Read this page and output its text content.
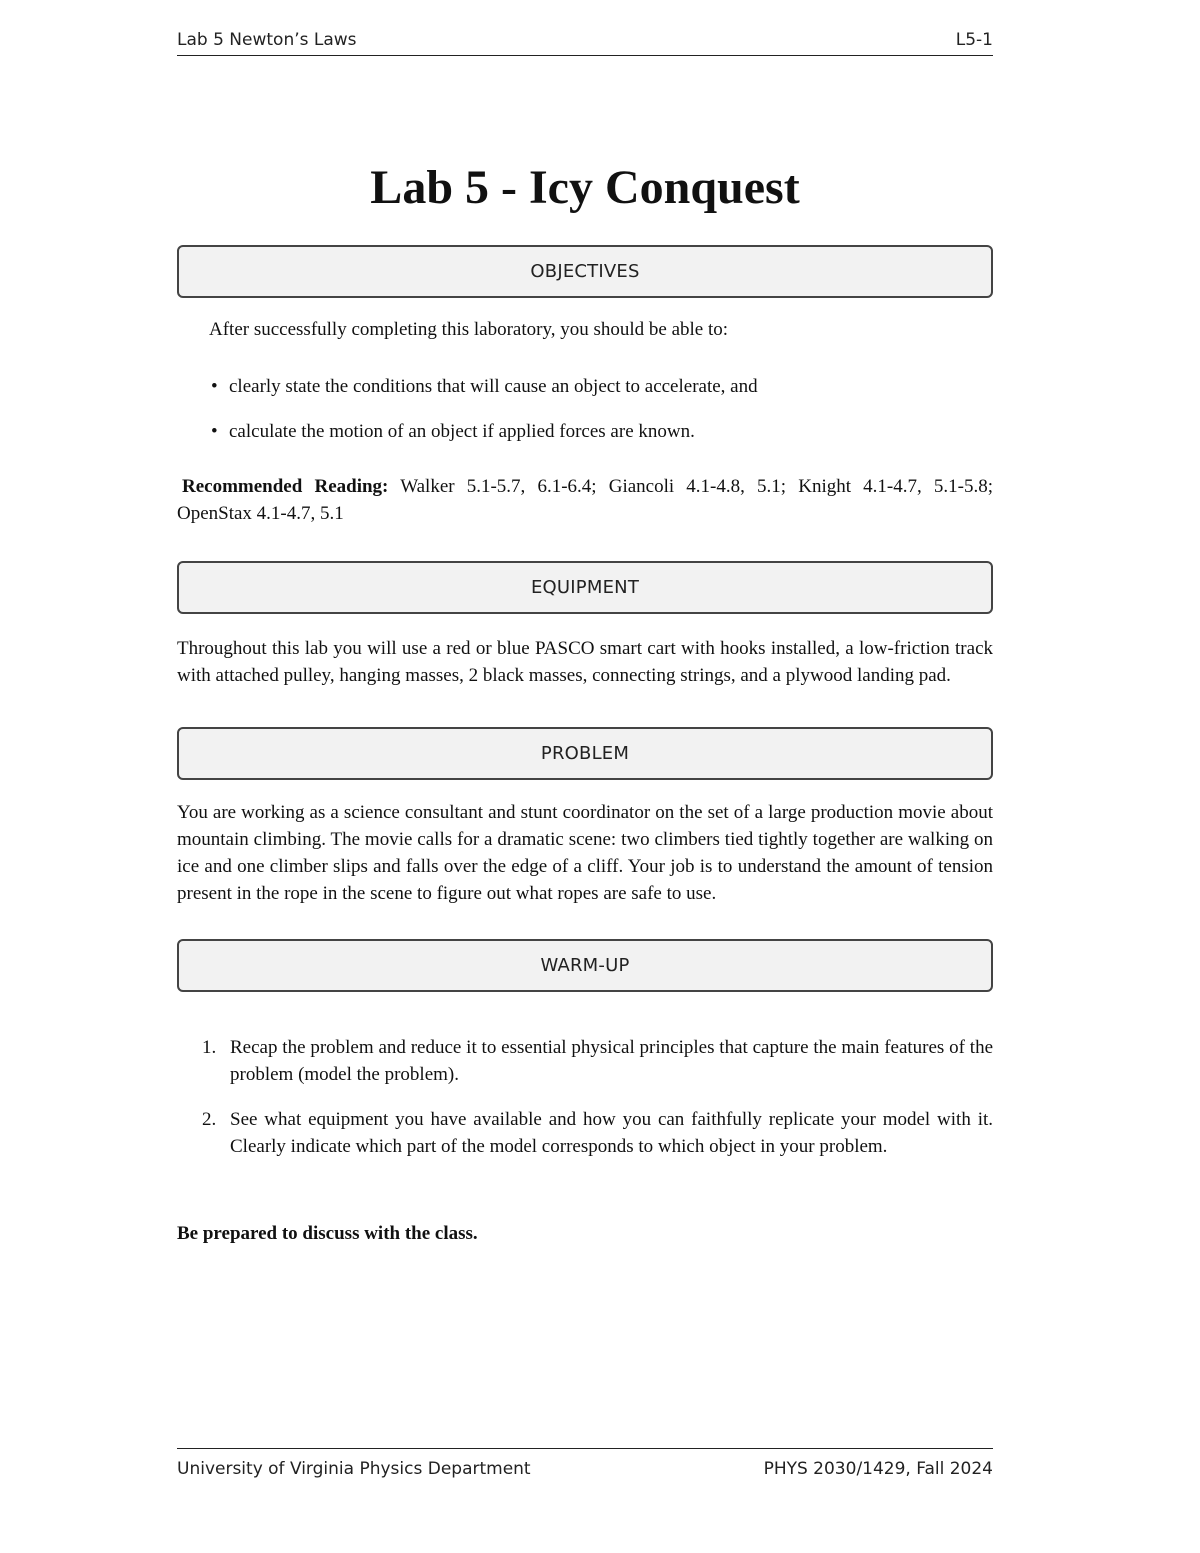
Lab 5 Newton’s Laws	L5-1
Lab 5 - Icy Conquest
OBJECTIVES
After successfully completing this laboratory, you should be able to:
• clearly state the conditions that will cause an object to accelerate, and
• calculate the motion of an object if applied forces are known.
Recommended Reading: Walker 5.1-5.7, 6.1-6.4; Giancoli 4.1-4.8, 5.1; Knight 4.1-4.7, 5.1-5.8; OpenStax 4.1-4.7, 5.1
EQUIPMENT
Throughout this lab you will use a red or blue PASCO smart cart with hooks installed, a low-friction track with attached pulley, hanging masses, 2 black masses, connecting strings, and a plywood landing pad.
PROBLEM
You are working as a science consultant and stunt coordinator on the set of a large production movie about mountain climbing. The movie calls for a dramatic scene: two climbers tied tightly together are walking on ice and one climber slips and falls over the edge of a cliff. Your job is to understand the amount of tension present in the rope in the scene to figure out what ropes are safe to use.
WARM-UP
1. Recap the problem and reduce it to essential physical principles that capture the main features of the problem (model the problem).
2. See what equipment you have available and how you can faithfully replicate your model with it. Clearly indicate which part of the model corresponds to which object in your problem.
Be prepared to discuss with the class.
University of Virginia Physics Department	PHYS 2030/1429, Fall 2024
